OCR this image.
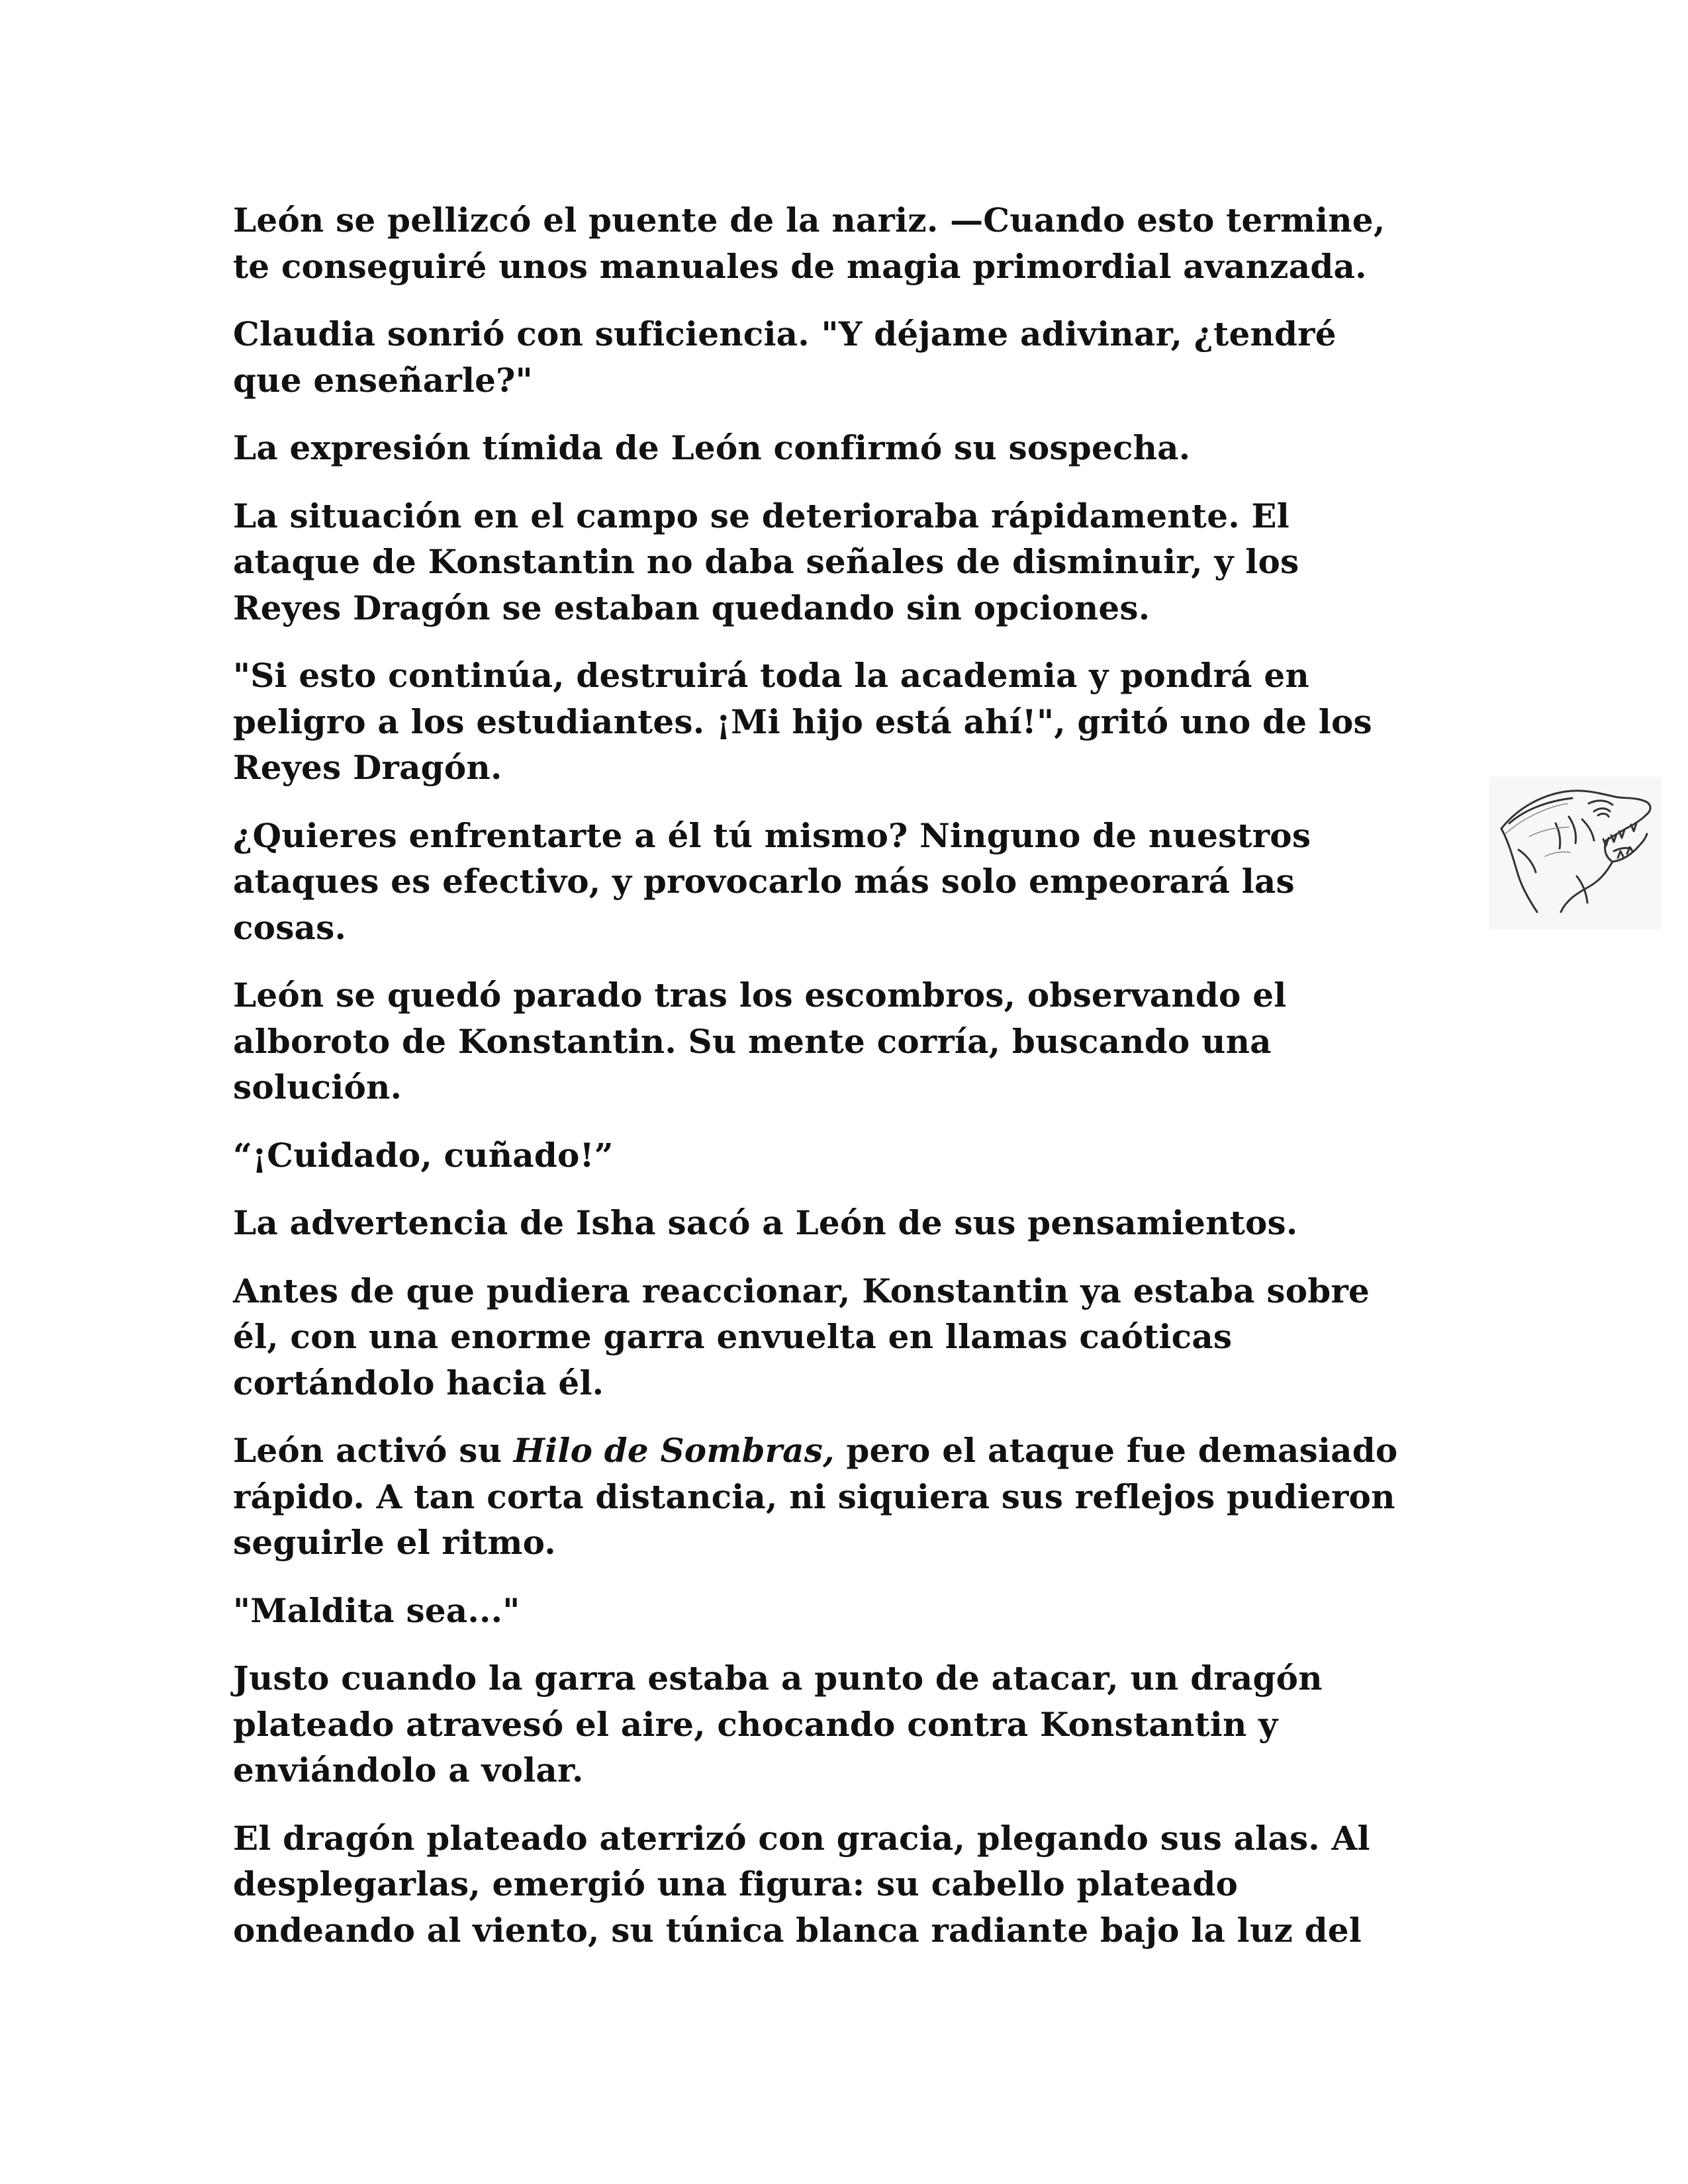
León se pellizcó el puente de la nariz. —Cuando esto termine,
te conseguiré unos manuales de magia primordial avanzada.

Claudia sonrió con suficiencia. "Y déjame adivinar, ¿tendré
que enseñarle?"

La expresión tímida de León confirmó su sospecha.

La situación en el campo se deterioraba rápidamente. El
ataque de Konstantin no daba señales de disminuir, y los
Reyes Dragón se estaban quedando sin opciones.

"Si esto continúa, destruirá toda la academia y pondrá en
peligro a los estudiantes. ¡Mi hijo está ahí!", gritó uno de los
Reyes Dragón.

¿Quieres enfrentarte a él tú mismo? Ninguno de nuestros
ataques es efectivo, y provocarlo más solo empeorará las
cosas.

León se quedó parado tras los escombros, observando el
alboroto de Konstantin. Su mente corría, buscando una
solución.

“¡Cuidado, cuñado!”

La advertencia de Isha sacó a León de sus pensamientos.

Antes de que pudiera reaccionar, Konstantin ya estaba sobre
él, con una enorme garra envuelta en llamas caóticas
cortándolo hacia él.

León activó su Hilo de Sombras, pero el ataque fue demasiado
rápido. A tan corta distancia, ni siquiera sus reflejos pudieron
seguirle el ritmo.

"Maldita sea..."

Justo cuando la garra estaba a punto de atacar, un dragón
plateado atravesó el aire, chocando contra Konstantin y
enviándolo a volar.

El dragón plateado aterrizó con gracia, plegando sus alas. Al
desplegarlas, emergió una figura: su cabello plateado
ondeando al viento, su túnica blanca radiante bajo la luz del
